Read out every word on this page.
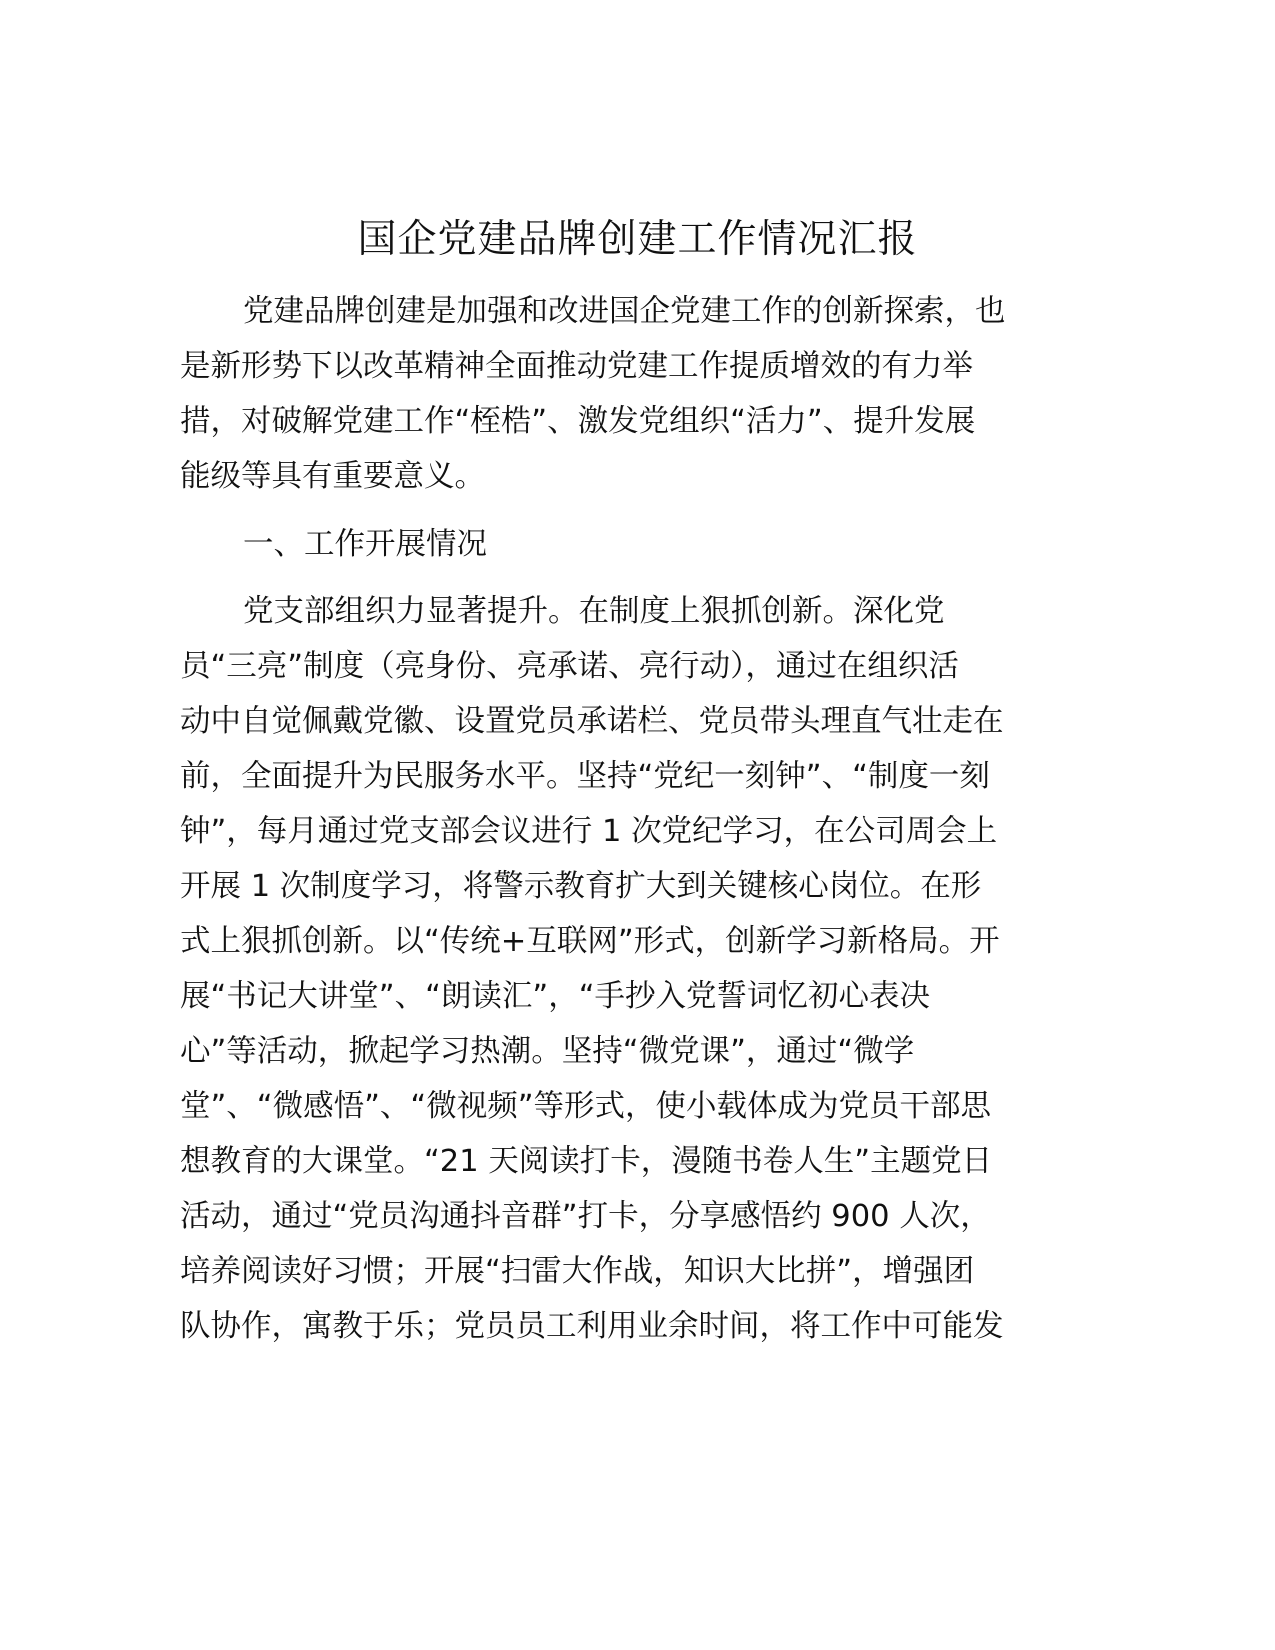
国企党建品牌创建工作情况汇报
党建品牌创建是加强和改进国企党建工作的创新探索，也
是新形势下以改革精神全面推动党建工作提质增效的有力举
措，对破解党建工作“桎梏”、激发党组织“活力”、提升发展
能级等具有重要意义。
一、工作开展情况
党支部组织力显著提升。在制度上狠抓创新。深化党
员“三亮”制度（亮身份、亮承诺、亮行动），通过在组织活
动中自觉佩戴党徽、设置党员承诺栏、党员带头理直气壮走在
前，全面提升为民服务水平。坚持“党纪一刻钟”、“制度一刻
钟”，每月通过党支部会议进行 1 次党纪学习，在公司周会上
开展 1 次制度学习，将警示教育扩大到关键核心岗位。在形
式上狠抓创新。以“传统+互联网”形式，创新学习新格局。开
展“书记大讲堂”、“朗读汇”，“手抄入党誓词忆初心表决
心”等活动，掀起学习热潮。坚持“微党课”，通过“微学
堂”、“微感悟”、“微视频”等形式，使小载体成为党员干部思
想教育的大课堂。“21 天阅读打卡，漫随书卷人生”主题党日
活动，通过“党员沟通抖音群”打卡，分享感悟约 900 人次，
培养阅读好习惯；开展“扫雷大作战，知识大比拼”，增强团
队协作，寓教于乐；党员员工利用业余时间，将工作中可能发
